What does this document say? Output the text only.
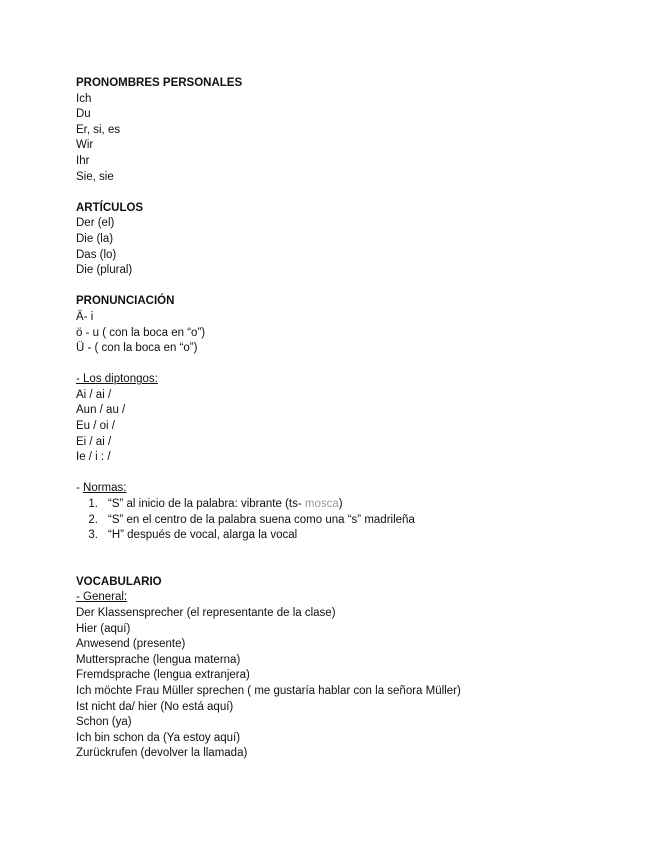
PRONOMBRES PERSONALES
Ich
Du
Er, si, es
Wir
Ihr
Sie, sie
ARTÍCULOS
Der (el)
Die (la)
Das (lo)
Die (plural)
PRONUNCIACIÓN
Ä- i
ö - u ( con la boca en “o”)
Ü - ( con la boca en “o”)
- Los diptongos:
Ai / ai /
Aun / au /
Eu / oi /
Ei / ai /
Ie / i : /
- Normas:
1. “S” al inicio de la palabra: vibrante (ts- mosca)
2. “S” en el centro de la palabra suena como una “s” madrileña
3. “H” después de vocal, alarga la vocal
VOCABULARIO
- General:
Der Klassensprecher (el representante de la clase)
Hier (aquí)
Anwesend (presente)
Muttersprache (lengua materna)
Fremdsprache (lengua extranjera)
Ich möchte Frau Müller sprechen ( me gustaría hablar con la señora Müller)
Ist nicht da/ hier (No está aquí)
Schon (ya)
Ich bin schon da (Ya estoy aquí)
Zurückrufen (devolver la llamada)
